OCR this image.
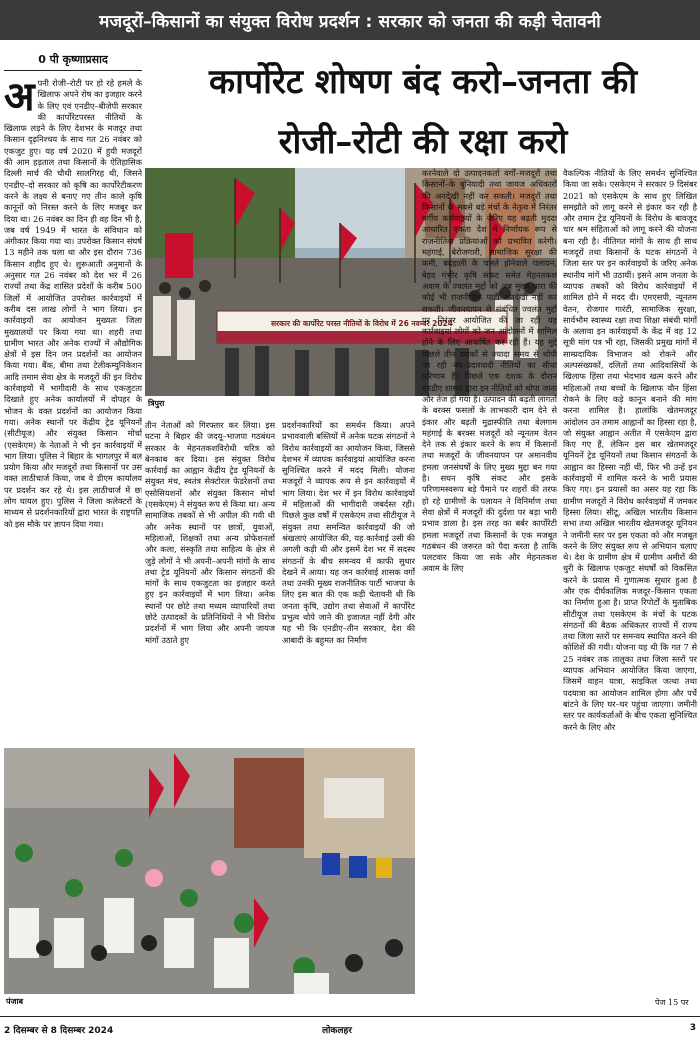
मजदूरों–किसानों का संयुक्त विरोध प्रदर्शन : सरकार को जनता की कड़ी चेतावनी
0 पी कृष्णाप्रसाद
कार्पोरेट शोषण बंद करो–जनता की
रोजी–रोटी की रक्षा करो
अ पनी रोजी–रोटी पर हो रहे हमले के खिलाफ अपने रोष का इजहार करने के लिए एवं एनडीए–बीजेपी सरकार की कार्पोरेटपरस्त नीतियों के खिलाफ लड़ने के लिए देशभर के मजदूर तथा किसान दृढ़निश्चय के साथ गत 26 नवंबर को एकजुट हुए। यह वर्ष 2020 में हुयी मजदूरों की आम हड़ताल तथा किसानों के ऐतिहासिक दिल्ली मार्च की चौथी सालगिरह थी, जिसने एनडीए–दो सरकार को कृषि का कार्पोरेटीकरण करने के लक्ष्य से बनाए गए तीन काले कृषि कानूनों को निरस्त करने के लिए मजबूर कर दिया था। 26 नवंबर का दिन ही वह दिन भी है, जब वर्ष 1949 में भारत के संविधान को अंगीकार किया गया था। उपरोक्त किसान संघर्ष 13 महीने तक चला था और इस दौरान 736 किसान शहीद हुए थे। शुरूआती अनुमानों के अनुसार गत 26 नवंबर को देश भर में 26 राज्यों तथा केंद्र शासित प्रदेशों के करीब 500 जिलों में आयोजित उपरोक्त कार्रवाइयों में करीब दस लाख लोगों ने भाग लिया। इन कार्रवाइयों का आयोजन मुख्यतः जिला मुख्यालयों पर किया गया था। शहरी तथा ग्रामीण भारत और अनेक राज्यों में औद्योगिक क्षेत्रों में इस दिन जन प्रदर्शनों का आयोजन किया गया। बैंक, बीमा तथा टेलीकम्युनिकेशन आदि तमाम सेवा क्षेत्र के मजदूरों की इन विरोध कार्रवाइयों में भागीदारी के साथ एकजुटता दिखाते हुए अनेक कार्यालयों में दोपहर के भोजन के वक्त प्रदर्शनों का आयोजन किया गया। अनेक स्थानों पर केंद्रीय ट्रेड यूनियनों (सीटीयूज) और संयुक्त किसान मोर्चा (एसकेएम) के नेताओं ने भी इन कार्रवाइयों में भाग लिया। पुलिस ने बिहार के भागलपुर में बल प्रयोग किया और मजदूरों तथा किसानों पर उस वक्त लाठीचार्ज किया, जब वे डीएम कार्यालय पर प्रदर्शन कर रहे थे। इस लाठीचार्ज में छः लोग घायल हुए। पुलिस ने जिला कलेक्टरों के माध्यम से प्रदर्शनकारियों द्वारा भारत के राष्ट्रपति को इस मौके पर ज्ञापन दिया गया।
सरकार की कार्पोरेट परस्त नीतियों के विरोध में 26 नवम्बर 2024
त्रिपुरा
तीन नेताओं को गिरफ्तार कर लिया। इस घटना ने बिहार की जदयू–भाजपा गठबंधन सरकार के मेहनतकशविरोधी चरित्र को बेनकाब कर दिया। इस संयुक्त विरोध कार्रवाई का आह्वान केंद्रीय ट्रेड यूनियनों के संयुक्त मंच, स्वतंत्र सेक्टोरल फेडरेशनों तथा एसोसियशनों और संयुक्त किसान मोर्चा (एसकेएम) ने संयुक्त रूप से किया था। अन्य सामाजिक तबकों से भी अपील की गयी थी और अनेक स्थानों पर छात्रों, युवाओं, महिलाओं, शिक्षकों तथा अन्य प्रोफेशनलों और कला, संस्कृति तथा साहित्य के क्षेत्र से जुड़े लोगों ने भी अपनी–अपनी मांगों के साथ तथा ट्रेड यूनियनों और किसान संगठनों की मांगों के साथ एकजुटता का इजहार करते हुए इन कार्रवाइयों में भाग लिया। अनेक स्थानों पर छोटे तथा मध्यम व्यापारियों तथा छोटे उत्पादकों के प्रतिनिधियों ने भी विरोध प्रदर्शनों में भाग लिया और अपनी जायज मांगों उठाते हुए
प्रदर्शनकारियों का समर्थन किया। अपने प्रभाववाली बस्तियों में अनेक घटक संगठनों ने विरोध कार्रवाइयों का आयोजन किया, जिससे देशभर में व्यापक कार्रवाइयां आयोजित करना सुनिश्चित करने में मदद मिली। योजना मजदूरों ने व्यापक रूप से इन कार्रवाइयों में भाग लिया। देश भर में इन विरोध कार्रवाइयों में महिलाओं की भागीदारी जबर्दस्त रही। पिछले कुछ वर्षों में एसकेएम तथा सीटीयूज ने संयुक्त तथा समन्वित कार्रवाइयों की जो श्रंखलाएं आयोजित की, यह कार्रवाई उसी की अगली कड़ी थी और इसमें देश भर में सदस्य संगठनों के बीच समन्वय में काफी सुधार देखने में आया। यह जन कार्रवाई शासक वर्गों तथा उनकी मुख्य राजनीतिक पार्टी भाजपा के लिए इस बात की एक कड़ी चेतावनी थी कि जनता कृषि, उद्योग तथा सेवाओं में कार्पोरेट प्रभुत्व थोपे जाने की इजाजत नहीं देगी और यह भी कि एनडीए–तीन सरकार, देश की आबादी के बहुमत का निर्माण
पंजाब
करनेवाले दो उत्पादनकर्ता वर्गों–मजदूरों तथा किसानों–के बुनियादी तथा जायज अधिकारों की अनदेखी नहीं कर सकती। मजदूरों तथा किसानों के सबसे बड़े मंचों के नेतृत्व में निरंतर वर्गीय कार्रवाइयों के जरिए यह बढ़ती मुददा आधारित एकता देश में निर्णायक रूप से राजनीतिक प्रक्रियाओं को प्रभावित करेगी। महंगाई, बेरोजगारी, सामाजिक सुरक्षा की कमी, बदहाली के चलते होनेवाले पलायन, बेहद गंभीर कृषि संकट समेत मेहनतकश अवाम के ज्वलंत मुद्दों को अब मुख्य धारा की कोई भी राजनीतिक पार्टी अनदेखी नहीं कर सकती। जीवनयापन से संबंधित ज्वलंत मुद्दों पर निरंतर आयोजित की जा रही यह कार्रवाइयां लोगों को जन आंदोलनों में शामिल होने के लिए आकर्षित कर रही हैं। यह मुद्दे पिछले तीन दशकों से ज्यादा समय से थोपी जा रही नव–उदारवादी नीतियों का सीधा परिणाम हैं। पिछले एक दशक के दौरान एनडीए शासन द्वारा इन नीतियों को थोपा जाना और तेज हो गया है। उत्पादन की बढ़ती लागतों के बरक्स फसलों के लाभकारी दाम देने से इंकार और बढ़ती मुद्रास्फीति तथा बेलगाम महंगाई के बरक्स मजदूरों को न्यूनतम वेतन देने तक से इंकार करने के रूप में किसानों तथा मजदूरों के जीवनयापन पर अमानवीय हमला जनसंघर्षों के लिए मुख्य मुद्दा बन गया है। सघन कृषि संकट और इसके परिणामस्वरूप बड़े पैमाने पर शहरों की तरफ हो रहे ग्रामीणों के पलायन ने विनिर्माण तथा सेवा क्षेत्रों में मजदूरों की दुर्दशा पर बड़ा भारी प्रभाव डाला है। इस तरह का बर्बर कार्पोरेटी हमला मजदूरों तथा किसानों के एक मजबूत गठबंधन की जरूरत को पैदा करता है ताकि पलटवार किया जा सके और मेहनतकश अवाम के लिए
वैकल्पिक नीतियों के लिए समर्थन सुनिश्चित किया जा सके। एसकेएम ने सरकार 9 दिसंबर 2021 को एसकेएम के साथ हुए लिखित समझौते को लागू करने से इंकार कर रही है और तमाम ट्रेड यूनियनों के विरोध के बावजूद चार श्रम संहिताओं को लागू करने की योजना बना रही है। नीतिगत मांगों के साथ ही साथ मजदूरों तथा किसानों के घटक संगठनों ने जिला स्तर पर इन कार्रवाइयों के जरिए अनेक स्थानीय मांगें भी उठायीं। इसने आम जनता के व्यापक तबकों को विरोध कार्रवाइयों में शामिल होने में मदद दी। एमएसपी, न्यूनतम वेतन, रोजगार गारंटी, सामाजिक सुरक्षा, सार्वभौम स्वास्थ्य रक्षा तथा शिक्षा संबंधी मांगों के अलावा इन कार्रवाइयों के केंद्र में वह 12 सूत्री मांग पत्र भी रहा, जिसकी प्रमुख मांगों में साम्प्रदायिक विभाजन को रोकने और अल्पसंख्यकों, दलितों तथा आदिवासियों के खिलाफ हिंसा तथा भेदभाव खत्म करने और महिलाओं तथा बच्चों के खिलाफ यौन हिंसा रोकने के लिए कड़े कानून बनाने की मांग करना शामिल है। हालांकि खेतमजदूर आंदोलन उन तमाम आह्वानों का हिस्सा रहा है, जो संयुक्त आह्वान अतीत में एसकेएम द्वारा किए गए हैं, लेकिन इस बार खेतमजदूर यूनियनें ट्रेड यूनियनों तथा किसान संगठनों के आह्वान का हिस्सा नहीं थीं, फिर भी उन्हें इन कार्रवाइयों में शामिल करने के भारी प्रयास किए गए। इन प्रयासों का असर यह रहा कि ग्रामीण मजदूरों ने विरोध कार्रवाइयों में जमकर हिस्सा लिया। सीटू, अखिल भारतीय किसान सभा तथा अखिल भारतीय खेतमजदूर यूनियन ने जमीनी स्तर पर इस एकता को और मजबूत करने के लिए संयुक्त रूप से अभियान चलाए थे। देश के ग्रामीण क्षेत्र में ग्रामीण अमीरों की धुरी के खिलाफ एकजुट संघर्षों को विकसित करने के प्रयास में गुणात्मक सुधार हुआ है और एक दीर्घकालिक मजदूर–किसान एकता का निर्माण हुआ है। प्राप्त रिपोर्टों के मुताबिक सीटीयूज तथा एसकेएम के मंचों के घटक संगठनों की बैठक अधिकतर राज्यों में राज्य तथा जिला स्तरों पर समन्वय स्थापित करने की कोशिशें की गयी। योजना यह थी कि गत 7 से 25 नवंबर तक तालुका तथा जिला स्तरों पर व्यापक अभियान आयोजित किया जाएगा, जिसमें वाहन यात्रा, साइकिल जत्था तथा पदयात्रा का आयोजन शामिल होगा और पर्चे बांटने के लिए घर–घर पहुंचा जाएगा। जमीनी स्तर पर कार्यकर्ताओं के बीच एकता सुनिश्चित करने के लिए और
पेज 15 पर
2 दिसम्बर से 8 दिसम्बर 2024	लोकलहर	3
